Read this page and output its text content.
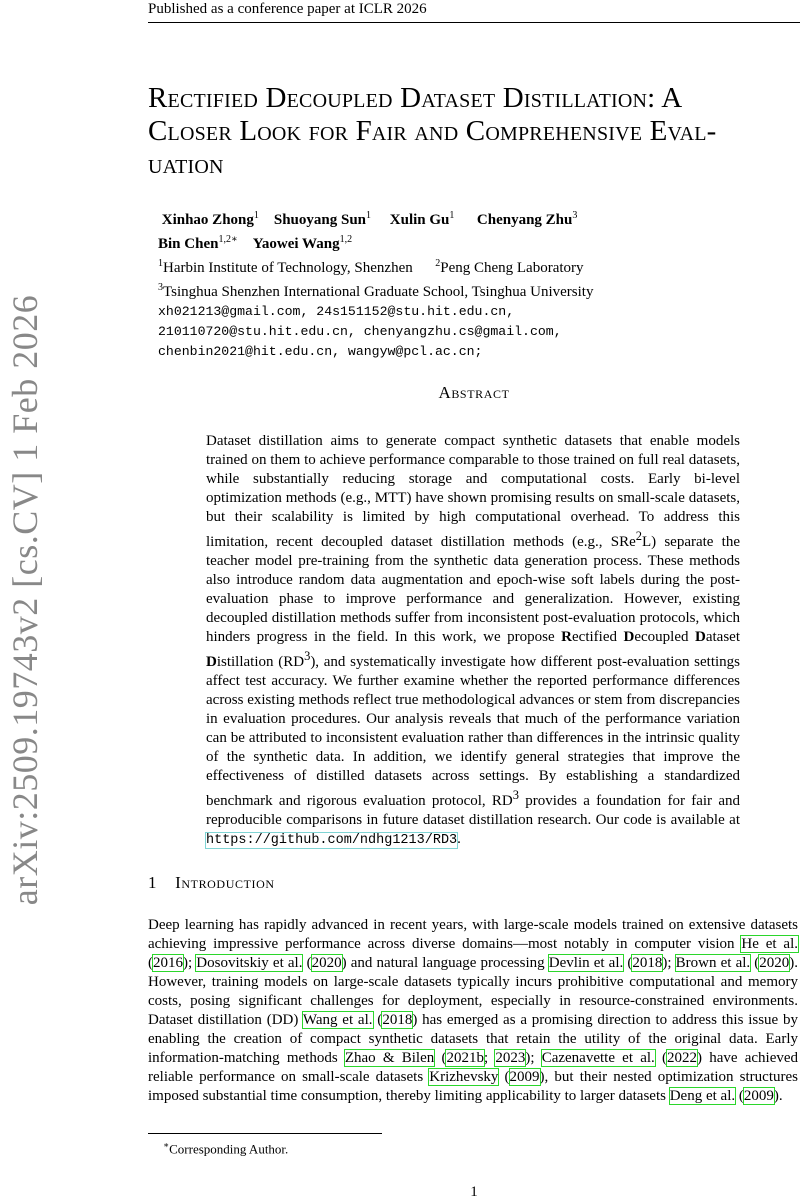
Published as a conference paper at ICLR 2026
arXiv:2509.19743v2 [cs.CV] 1 Feb 2026
Rectified Decoupled Dataset Distillation: A
Closer Look for Fair and Comprehensive Eval-
uation
Xinhao Zhong$^1$ Shuoyang Sun$^1$ Xulin Gu$^1$ Chenyang Zhu$^3$
Bin Chen$^{1,2∗}$ Yaowei Wang$^{1,2}$
$^1$Harbin Institute of Technology, Shenzhen $^2$Peng Cheng Laboratory
$^3$Tsinghua Shenzhen International Graduate School, Tsinghua University
xh021213@gmail.com, 24s151152@stu.hit.edu.cn,
210110720@stu.hit.edu.cn, chenyangzhu.cs@gmail.com,
chenbin2021@hit.edu.cn, wangyw@pcl.ac.cn;
Abstract
Dataset distillation aims to generate compact synthetic datasets that enable models trained on them to achieve performance comparable to those trained on full real datasets, while substantially reducing storage and computational costs. Early bi-level optimization methods (e.g., MTT) have shown promising results on small-scale datasets, but their scalability is limited by high computational overhead. To address this limitation, recent decoupled dataset distillation methods (e.g., SRe$^2$L) separate the teacher model pre-training from the synthetic data generation process. These methods also introduce random data augmentation and epoch-wise soft labels during the post-evaluation phase to improve performance and generalization. However, existing decoupled distillation methods suffer from inconsistent post-evaluation protocols, which hinders progress in the field. In this work, we propose Rectified Decoupled Dataset Distillation $(RD^3)$, and systematically investigate how different post-evaluation settings affect test accuracy. We further examine whether the reported performance differences across existing methods reflect true methodological advances or stem from discrepancies in evaluation procedures. Our analysis reveals that much of the performance variation can be attributed to inconsistent evaluation rather than differences in the intrinsic quality of the synthetic data. In addition, we identify general strategies that improve the effectiveness of distilled datasets across settings. By establishing a standardized benchmark and rigorous evaluation protocol, $RD^3$ provides a foundation for fair and reproducible comparisons in future dataset distillation research. Our code is available at https://github.com/ndhg1213/RD3.
1 Introduction
Deep learning has rapidly advanced in recent years, with large-scale models trained on extensive datasets achieving impressive performance across diverse domains—most notably in computer vision He et al. (2016); Dosovitskiy et al. (2020) and natural language processing Devlin et al. (2018); Brown et al. (2020). However, training models on large-scale datasets typically incurs prohibitive computational and memory costs, posing significant challenges for deployment, especially in resource-constrained environments. Dataset distillation (DD) Wang et al. (2018) has emerged as a promising direction to address this issue by enabling the creation of compact synthetic datasets that retain the utility of the original data. Early information-matching methods Zhao & Bilen (2021b; 2023); Cazenavette et al. (2022) have achieved reliable performance on small-scale datasets Krizhevsky (2009), but their nested optimization structures imposed substantial time consumption, thereby limiting applicability to larger datasets Deng et al. (2009).
∗Corresponding Author.
1
